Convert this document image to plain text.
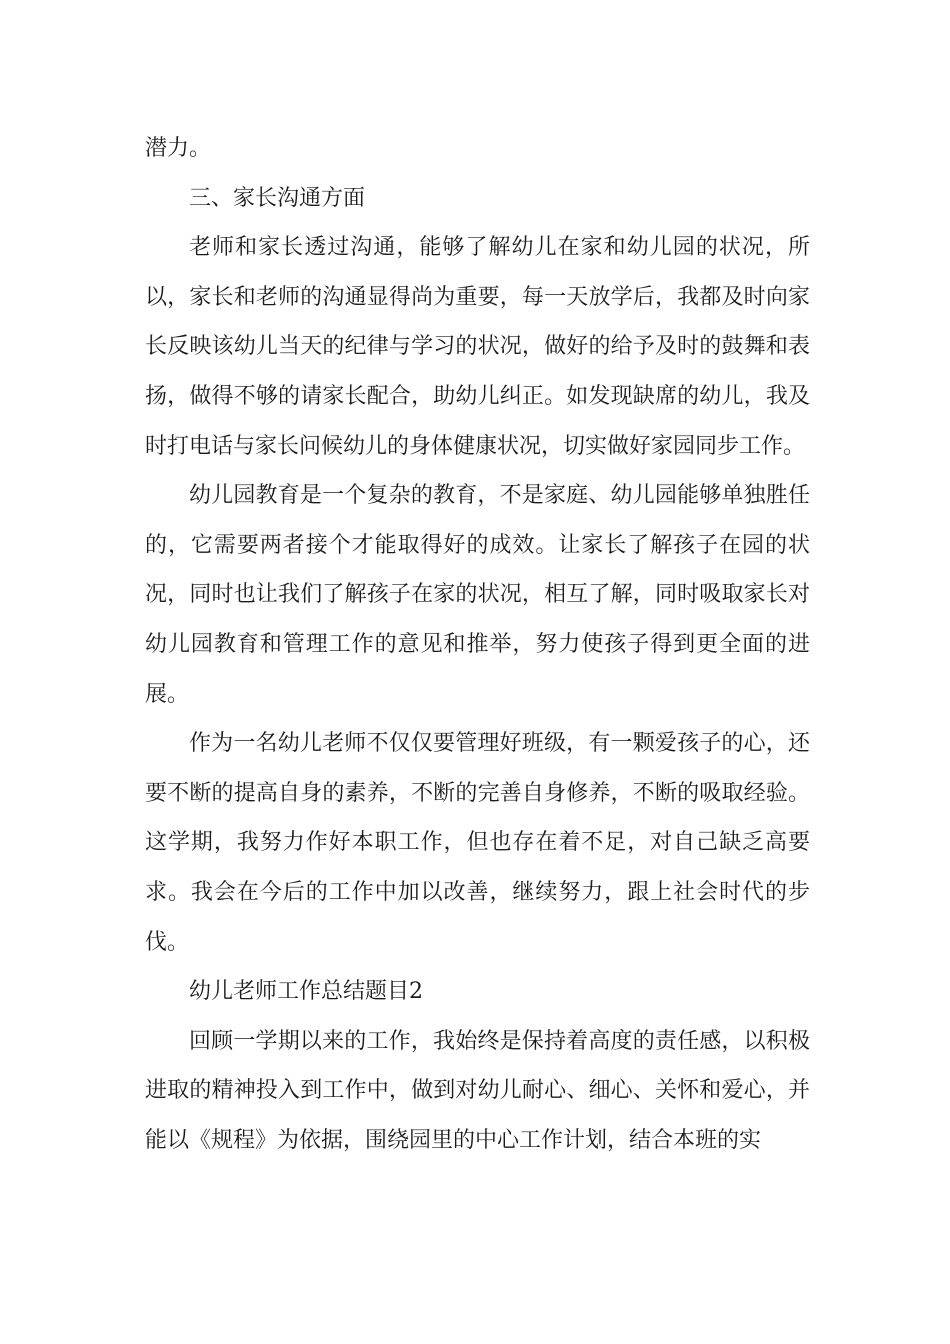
潜力。

三、家长沟通方面

老师和家长透过沟通，能够了解幼儿在家和幼儿园的状况，所以，家长和老师的沟通显得尚为重要，每一天放学后，我都及时向家长反映该幼儿当天的纪律与学习的状况，做好的给予及时的鼓舞和表扬，做得不够的请家长配合，助幼儿纠正。如发现缺席的幼儿，我及时打电话与家长问候幼儿的身体健康状况，切实做好家园同步工作。

幼儿园教育是一个复杂的教育，不是家庭、幼儿园能够单独胜任的，它需要两者接个才能取得好的成效。让家长了解孩子在园的状况，同时也让我们了解孩子在家的状况，相互了解，同时吸取家长对幼儿园教育和管理工作的意见和推举，努力使孩子得到更全面的进展。

作为一名幼儿老师不仅仅要管理好班级，有一颗爱孩子的心，还要不断的提高自身的素养，不断的完善自身修养，不断的吸取经验。这学期，我努力作好本职工作，但也存在着不足，对自己缺乏高要求。我会在今后的工作中加以改善，继续努力，跟上社会时代的步伐。

幼儿老师工作总结题目2

回顾一学期以来的工作，我始终是保持着高度的责任感，以积极进取的精神投入到工作中，做到对幼儿耐心、细心、关怀和爱心，并能以《规程》为依据，围绕园里的中心工作计划，结合本班的实
